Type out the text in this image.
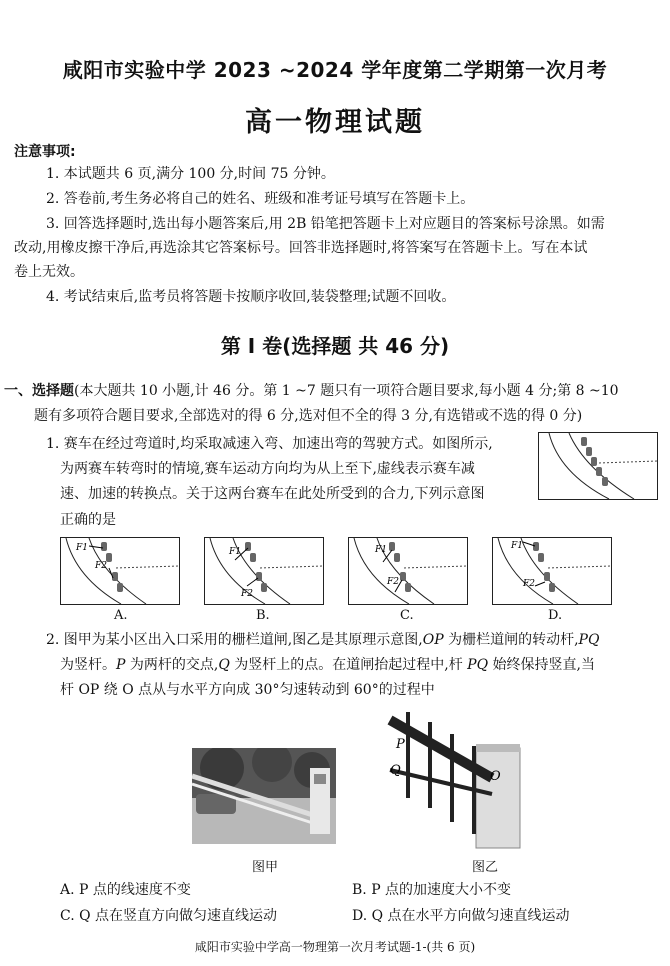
咸阳市实验中学 2023 ~2024 学年度第二学期第一次月考
高一物理试题
注意事项:
1. 本试题共 6 页,满分 100 分,时间 75 分钟。
2. 答卷前,考生务必将自己的姓名、班级和准考证号填写在答题卡上。
3. 回答选择题时,选出每小题答案后,用 2B 铅笔把答题卡上对应题目的答案标号涂黑。如需
改动,用橡皮擦干净后,再选涂其它答案标号。回答非选择题时,将答案写在答题卡上。写在本试
卷上无效。
4. 考试结束后,监考员将答题卡按顺序收回,装袋整理;试题不回收。
第 I 卷(选择题 共 46 分)
一、选择题(本大题共 10 小题,计 46 分。第 1 ~7 题只有一项符合题目要求,每小题 4 分;第 8 ~10
题有多项符合题目要求,全部选对的得 6 分,选对但不全的得 3 分,有选错或不选的得 0 分)
1. 赛车在经过弯道时,均采取减速入弯、加速出弯的驾驶方式。如图所示,
为两赛车转弯时的情境,赛车运动方向均为从上至下,虚线表示赛车减
速、加速的转换点。关于这两台赛车在此处所受到的合力,下列示意图
正确的是
F1
F2
F1
F2
F1
F2
F1
F2
A.	B.	C.	D.
2. 图甲为某小区出入口采用的栅栏道闸,图乙是其原理示意图,OP 为栅栏道闸的转动杆,PQ
为竖杆。P 为两杆的交点,Q 为竖杆上的点。在道闸抬起过程中,杆 PQ 始终保持竖直,当
杆 OP 绕 O 点从与水平方向成 30°匀速转动到 60°的过程中
图甲
P
Q	O
图乙
A. P 点的线速度不变	B. P 点的加速度大小不变
C. Q 点在竖直方向做匀速直线运动	D. Q 点在水平方向做匀速直线运动
咸阳市实验中学高一物理第一次月考试题-1-(共 6 页)
